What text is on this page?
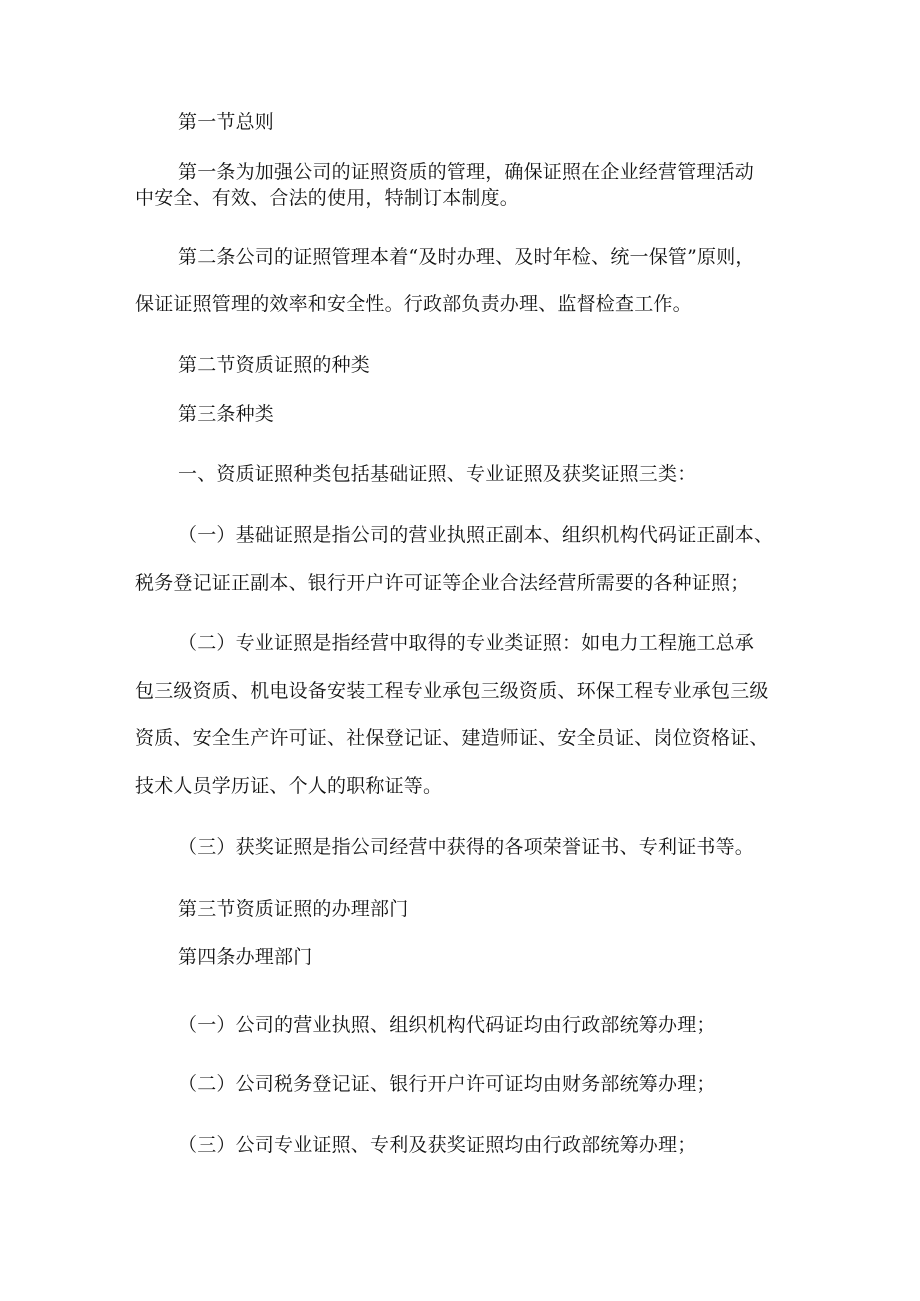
第一节总则
第一条为加强公司的证照资质的管理，确保证照在企业经营管理活动
中安全、有效、合法的使用，特制订本制度。
第二条公司的证照管理本着“及时办理、及时年检、统一保管”原则，
保证证照管理的效率和安全性。行政部负责办理、监督检查工作。
第二节资质证照的种类
第三条种类
一、资质证照种类包括基础证照、专业证照及获奖证照三类：
（一）基础证照是指公司的营业执照正副本、组织机构代码证正副本、
税务登记证正副本、银行开户许可证等企业合法经营所需要的各种证照；
（二）专业证照是指经营中取得的专业类证照：如电力工程施工总承
包三级资质、机电设备安装工程专业承包三级资质、环保工程专业承包三级
资质、安全生产许可证、社保登记证、建造师证、安全员证、岗位资格证、
技术人员学历证、个人的职称证等。
（三）获奖证照是指公司经营中获得的各项荣誉证书、专利证书等。
第三节资质证照的办理部门
第四条办理部门
（一）公司的营业执照、组织机构代码证均由行政部统筹办理；
（二）公司税务登记证、银行开户许可证均由财务部统筹办理；
（三）公司专业证照、专利及获奖证照均由行政部统筹办理；
